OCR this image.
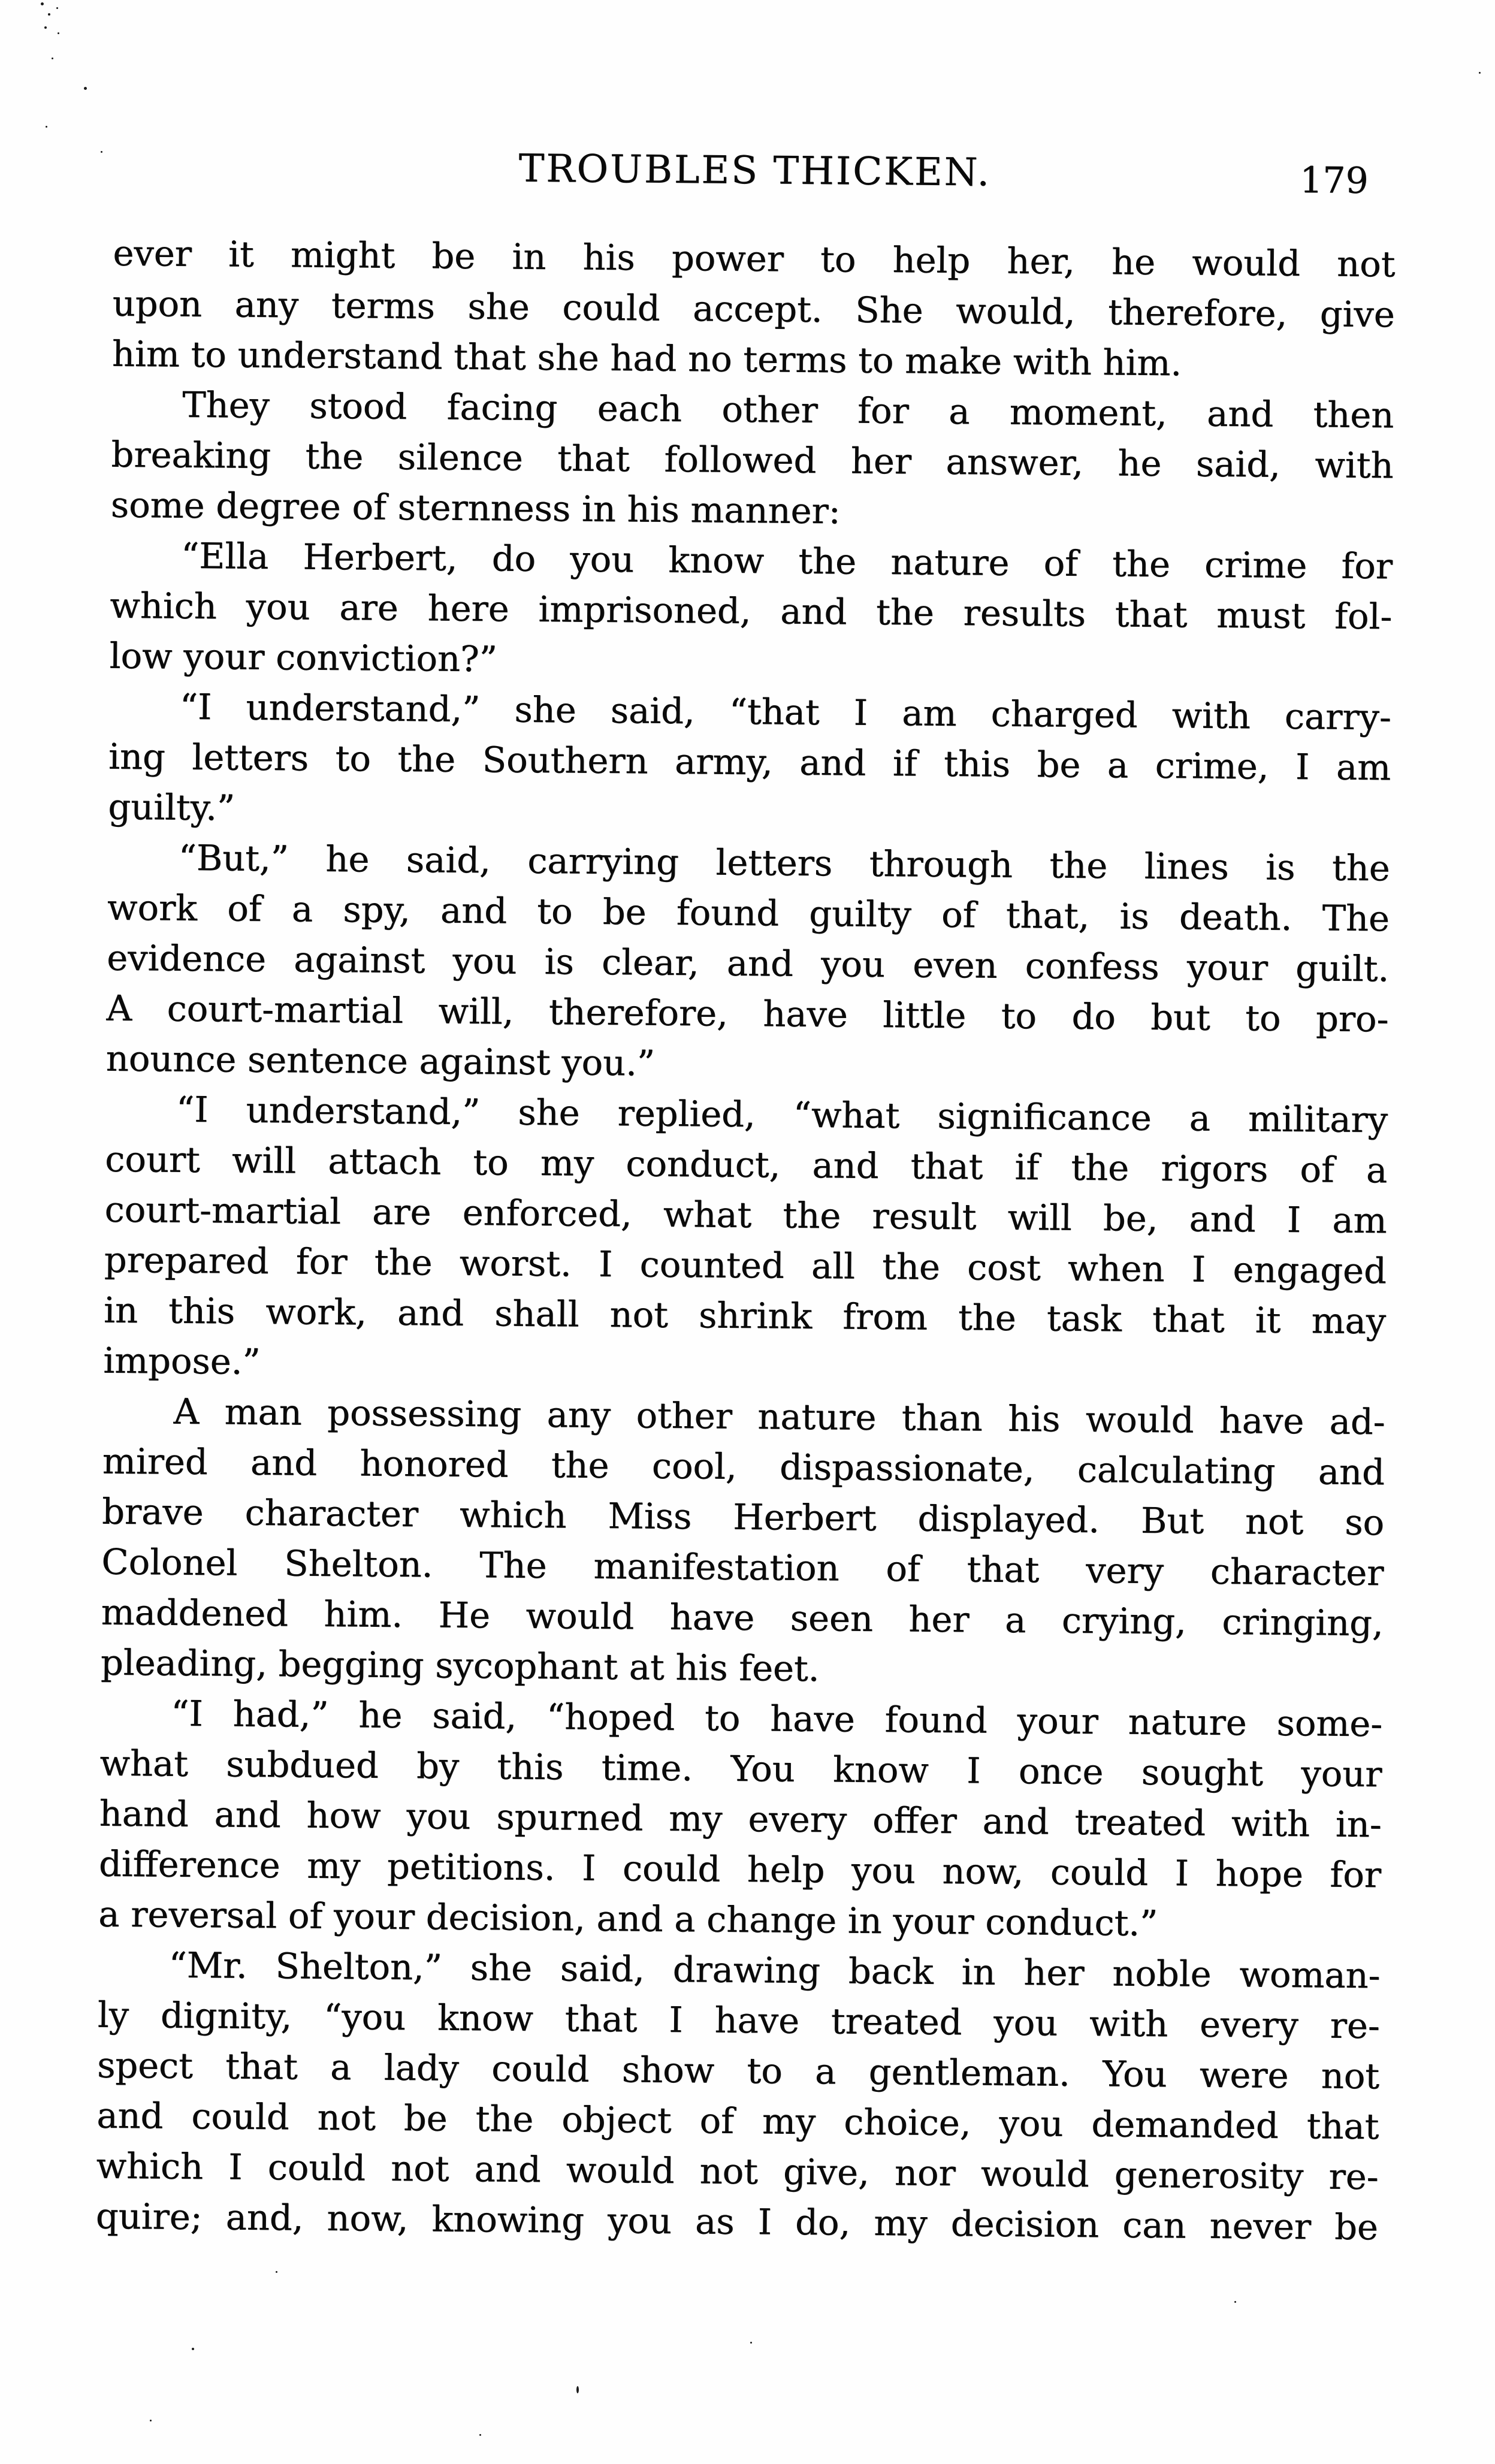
TROUBLES THICKEN.	179
ever it might be in his power to help her, he would not
upon any terms she could accept. She would, therefore, give
him to understand that she had no terms to make with him.
They stood facing each other for a moment, and then
breaking the silence that followed her answer, he said, with
some degree of sternness in his manner:
“Ella Herbert, do you know the nature of the crime for
which you are here imprisoned, and the results that must fol-
low your conviction?”
“I understand,” she said, “that I am charged with carry-
ing letters to the Southern army, and if this be a crime, I am
guilty.”
“But,” he said, carrying letters through the lines is the
work of a spy, and to be found guilty of that, is death. The
evidence against you is clear, and you even confess your guilt.
A court-martial will, therefore, have little to do but to pro-
nounce sentence against you.”
“I understand,” she replied, “what significance a military
court will attach to my conduct, and that if the rigors of a
court-martial are enforced, what the result will be, and I am
prepared for the worst. I counted all the cost when I engaged
in this work, and shall not shrink from the task that it may
impose.”
A man possessing any other nature than his would have ad-
mired and honored the cool, dispassionate, calculating and
brave character which Miss Herbert displayed. But not so
Colonel Shelton. The manifestation of that very character
maddened him. He would have seen her a crying, cringing,
pleading, begging sycophant at his feet.
“I had,” he said, “hoped to have found your nature some-
what subdued by this time. You know I once sought your
hand and how you spurned my every offer and treated with in-
difference my petitions. I could help you now, could I hope for
a reversal of your decision, and a change in your conduct.”
“Mr. Shelton,” she said, drawing back in her noble woman-
ly dignity, “you know that I have treated you with every re-
spect that a lady could show to a gentleman. You were not
and could not be the object of my choice, you demanded that
which I could not and would not give, nor would generosity re-
quire; and, now, knowing you as I do, my decision can never be
